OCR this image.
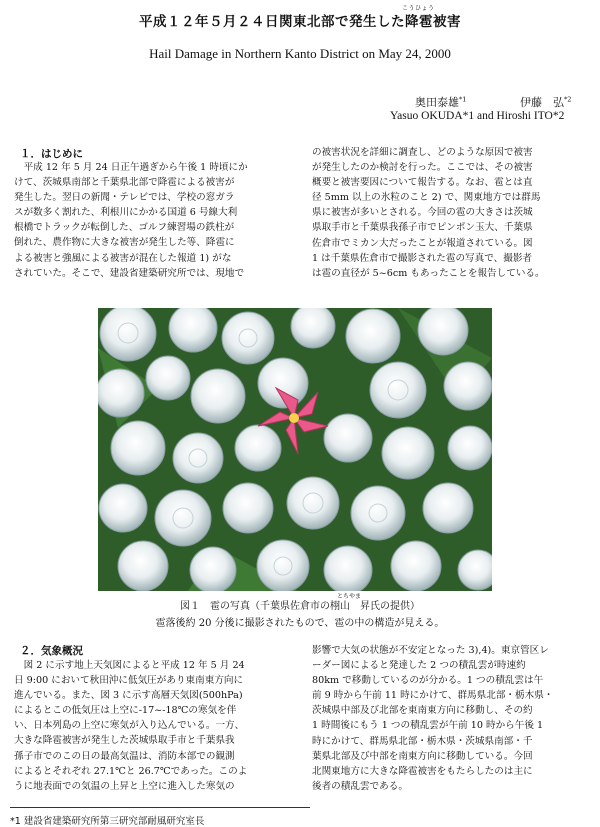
平成１２年５月２４日関東北部で発生した降雹被害
こうひょう
Hail Damage in Northern Kanto District on May 24, 2000
奥田泰雄$^{*1}$	伊藤　弘$^{*2}$
Yasuo OKUDA*1 and Hiroshi ITO*2
１．はじめに
　平成 12 年 5 月 24 日正午過ぎから午後 1 時頃にか
けて、茨城県南部と千葉県北部で降雹による被害が
発生した。翌日の新聞・テレビでは、学校の窓ガラ
スが数多く割れた、利根川にかかる国道 6 号線大利
根橋でトラックが転倒した、ゴルフ練習場の鉄柱が
倒れた、農作物に大きな被害が発生した等、降雹に
よる被害と強風による被害が混在した報道 1) がな
されていた。そこで、建設省建築研究所では、現地で
の被害状況を詳細に調査し、どのような原因で被害
が発生したのか検討を行った。ここでは、その被害
概要と被害要因について報告する。なお、雹とは直
径 5mm 以上の氷粒のこと 2) で、関東地方では群馬
県に被害が多いとされる。今回の雹の大きさは茨城
県取手市と千葉県我孫子市でピンポン玉大、千葉県
佐倉市でミカン大だったことが報道されている。図
1 は千葉県佐倉市で撮影された雹の写真で、撮影者
は雹の直径が 5~6cm もあったことを報告している。
図１　雹の写真（千葉県佐倉市の栩山　昇氏の提供）
とちやま
雹落後約 20 分後に撮影されたもので、雹の中の構造が見える。
２．気象概況
　図 2 に示す地上天気図によると平成 12 年 5 月 24
日 9:00 において秋田沖に低気圧があり東南東方向に
進んでいる。また、図 3 に示す高層天気図(500hPa)
によるとこの低気圧は上空に-17~-18℃の寒気を伴
い、日本列島の上空に寒気が入り込んでいる。一方、
大きな降雹被害が発生した茨城県取手市と千葉県我
孫子市でのこの日の最高気温は、消防本部での観測
によるとそれぞれ 27.1℃と 26.7℃であった。このよ
うに地表面での気温の上昇と上空に進入した寒気の
影響で大気の状態が不安定となった 3),4)。東京管区レ
ーダー図によると発達した 2 つの積乱雲が時速約
80km で移動しているのが分かる。1 つの積乱雲は午
前 9 時から午前 11 時にかけて、群馬県北部・栃木県・
茨城県中部及び北部を東南東方向に移動し、その約
1 時間後にもう 1 つの積乱雲が午前 10 時から午後 1
時にかけて、群馬県北部・栃木県・茨城県南部・千
葉県北部及び中部を南東方向に移動している。今回
北関東地方に大きな降雹被害をもたらしたのは主に
後者の積乱雲である。
*1 建設省建築研究所第三研究部耐風研究室長
